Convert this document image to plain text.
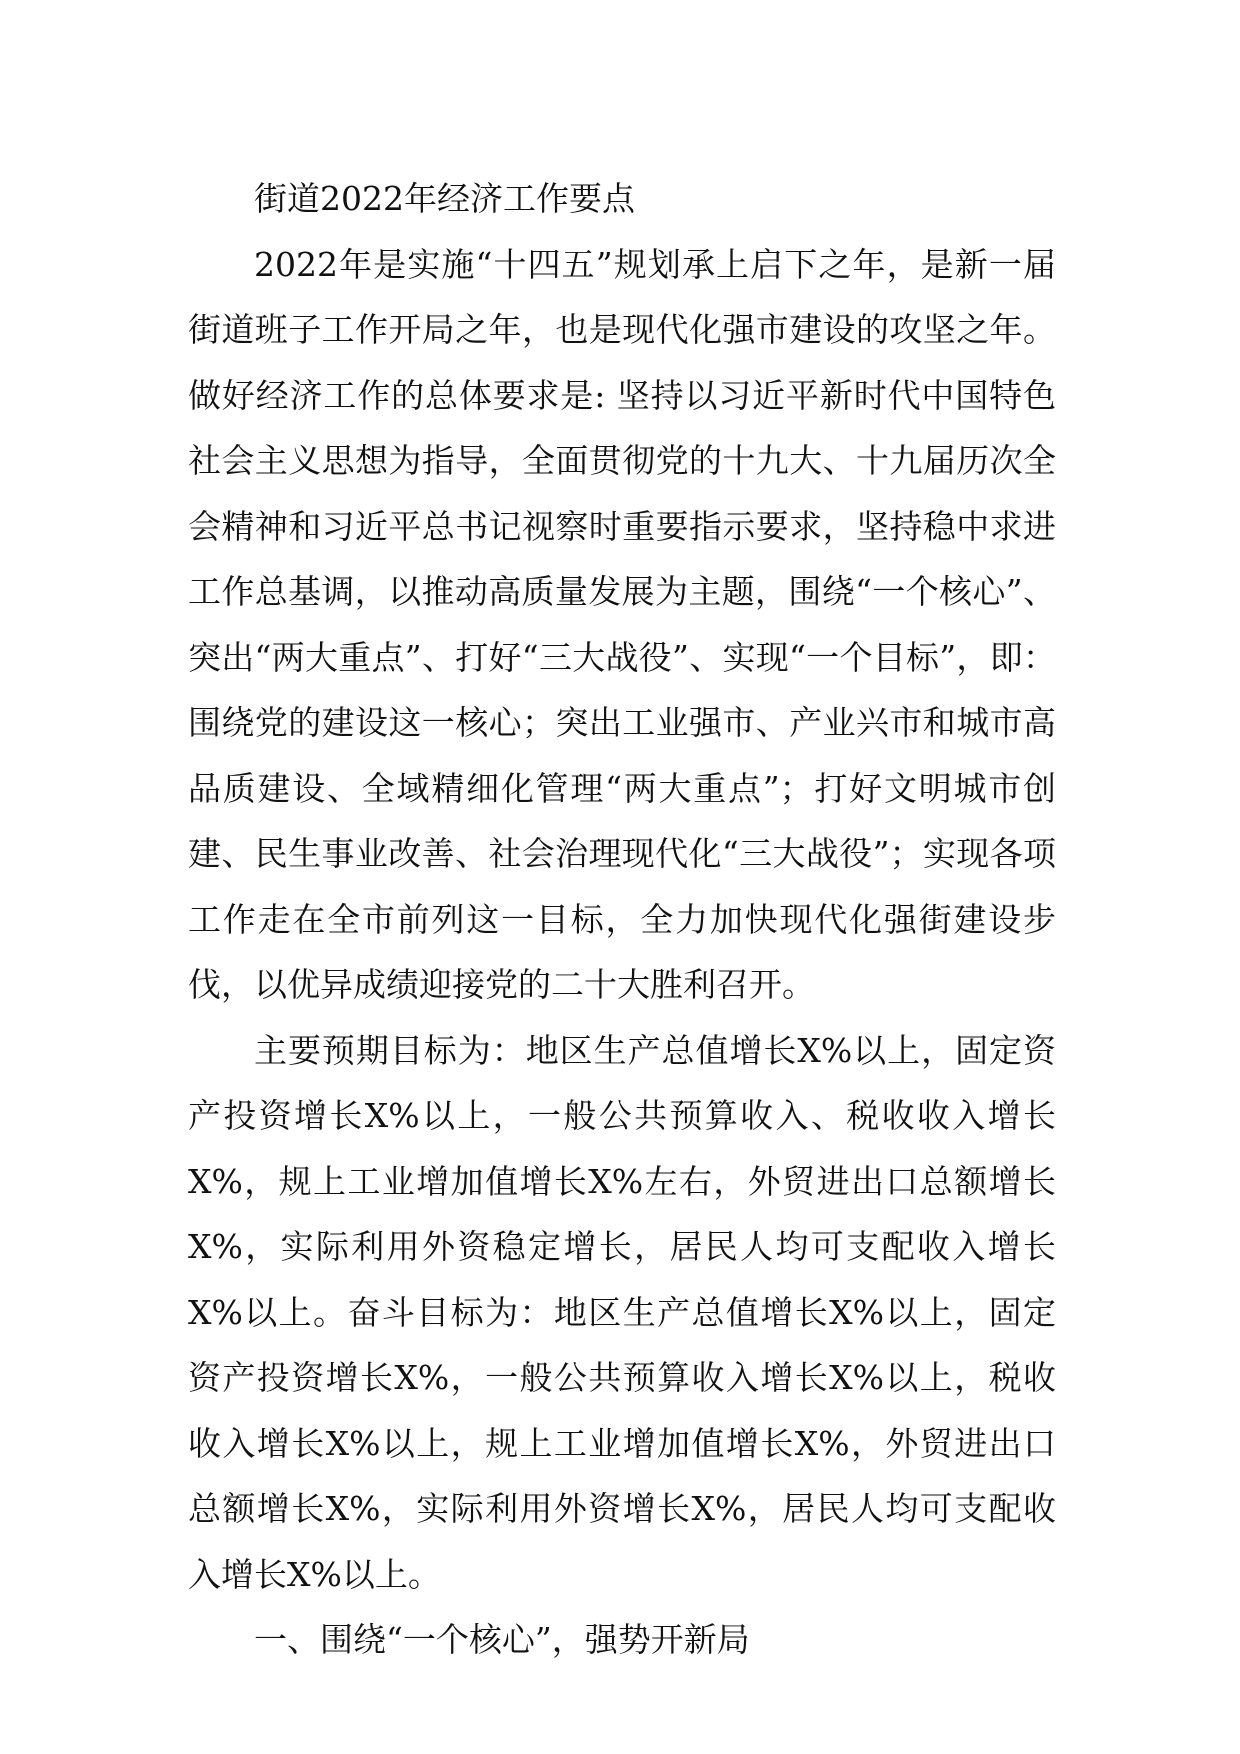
街道2022年经济工作要点

2022年是实施“十四五”规划承上启下之年，是新一届街道班子工作开局之年，也是现代化强市建设的攻坚之年。做好经济工作的总体要求是: 坚持以习近平新时代中国特色社会主义思想为指导，全面贯彻党的十九大、十九届历次全会精神和习近平总书记视察时重要指示要求，坚持稳中求进工作总基调，以推动高质量发展为主题，围绕“一个核心”、突出“两大重点”、打好“三大战役”、实现“一个目标”，即：围绕党的建设这一核心；突出工业强市、产业兴市和城市高品质建设、全域精细化管理“两大重点”；打好文明城市创建、民生事业改善、社会治理现代化“三大战役”；实现各项工作走在全市前列这一目标，全力加快现代化强街建设步伐，以优异成绩迎接党的二十大胜利召开。

主要预期目标为：地区生产总值增长X%以上，固定资产投资增长X%以上，一般公共预算收入、税收收入增长X%，规上工业增加值增长X%左右，外贸进出口总额增长X%，实际利用外资稳定增长，居民人均可支配收入增长X%以上。奋斗目标为：地区生产总值增长X%以上，固定资产投资增长X%，一般公共预算收入增长X%以上，税收收入增长X%以上，规上工业增加值增长X%，外贸进出口总额增长X%，实际利用外资增长X%，居民人均可支配收入增长X%以上。

一、围绕“一个核心”，强势开新局
